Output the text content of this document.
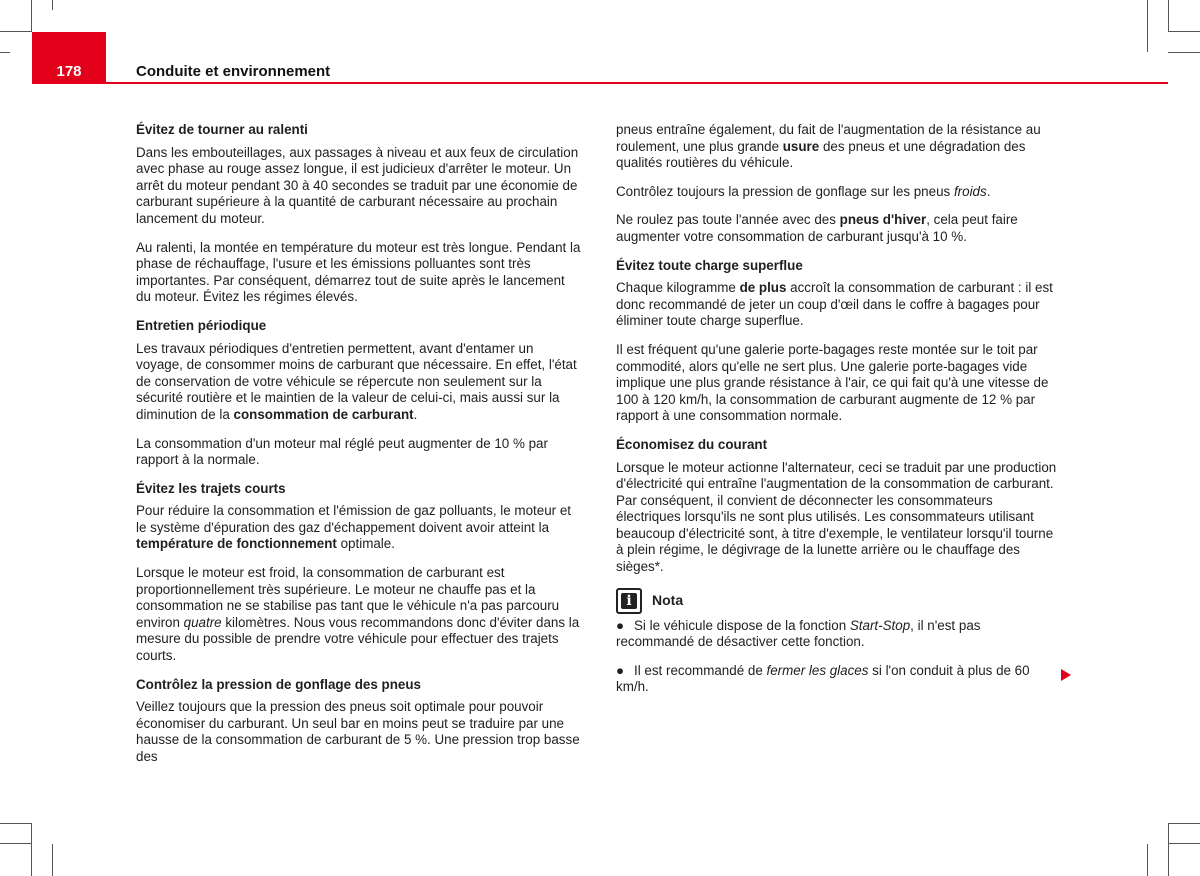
178	Conduite et environnement
Évitez de tourner au ralenti

Dans les embouteillages, aux passages à niveau et aux feux de circulation avec phase au rouge assez longue, il est judicieux d'arrêter le moteur. Un arrêt du moteur pendant 30 à 40 secondes se traduit par une économie de carburant supérieure à la quantité de carburant nécessaire au prochain lancement du moteur.

Au ralenti, la montée en température du moteur est très longue. Pendant la phase de réchauffage, l'usure et les émissions polluantes sont très importantes. Par conséquent, démarrez tout de suite après le lancement du moteur. Évitez les régimes élevés.

Entretien périodique

Les travaux périodiques d'entretien permettent, avant d'entamer un voyage, de consommer moins de carburant que nécessaire. En effet, l'état de conservation de votre véhicule se répercute non seulement sur la sécurité routière et le maintien de la valeur de celui-ci, mais aussi sur la diminution de la consommation de carburant.

La consommation d'un moteur mal réglé peut augmenter de 10 % par rapport à la normale.

Évitez les trajets courts

Pour réduire la consommation et l'émission de gaz polluants, le moteur et le système d'épuration des gaz d'échappement doivent avoir atteint la température de fonctionnement optimale.

Lorsque le moteur est froid, la consommation de carburant est proportionnellement très supérieure. Le moteur ne chauffe pas et la consommation ne se stabilise pas tant que le véhicule n'a pas parcouru environ quatre kilomètres. Nous vous recommandons donc d'éviter dans la mesure du possible de prendre votre véhicule pour effectuer des trajets courts.

Contrôlez la pression de gonflage des pneus

Veillez toujours que la pression des pneus soit optimale pour pouvoir économiser du carburant. Un seul bar en moins peut se traduire par une hausse de la consommation de carburant de 5 %. Une pression trop basse des

pneus entraîne également, du fait de l'augmentation de la résistance au roulement, une plus grande usure des pneus et une dégradation des qualités routières du véhicule.

Contrôlez toujours la pression de gonflage sur les pneus froids.

Ne roulez pas toute l'année avec des pneus d'hiver, cela peut faire augmenter votre consommation de carburant jusqu'à 10 %.

Évitez toute charge superflue

Chaque kilogramme de plus accroît la consommation de carburant : il est donc recommandé de jeter un coup d'œil dans le coffre à bagages pour éliminer toute charge superflue.

Il est fréquent qu'une galerie porte-bagages reste montée sur le toit par commodité, alors qu'elle ne sert plus. Une galerie porte-bagages vide implique une plus grande résistance à l'air, ce qui fait qu'à une vitesse de 100 à 120 km/h, la consommation de carburant augmente de 12 % par rapport à une consommation normale.

Économisez du courant

Lorsque le moteur actionne l'alternateur, ceci se traduit par une production d'électricité qui entraîne l'augmentation de la consommation de carburant. Par conséquent, il convient de déconnecter les consommateurs électriques lorsqu'ils ne sont plus utilisés. Les consommateurs utilisant beaucoup d'électricité sont, à titre d'exemple, le ventilateur lorsqu'il tourne à plein régime, le dégivrage de la lunette arrière ou le chauffage des sièges*.

i	Nota

● Si le véhicule dispose de la fonction Start-Stop, il n'est pas recommandé de désactiver cette fonction.

● Il est recommandé de fermer les glaces si l'on conduit à plus de 60 km/h.
